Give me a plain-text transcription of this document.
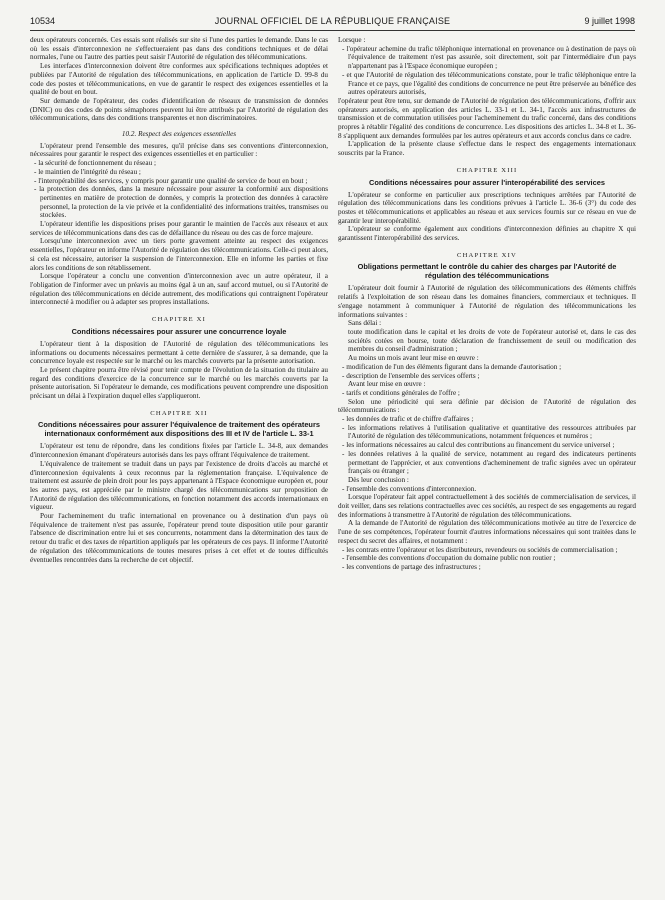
10534	JOURNAL OFFICIEL DE LA RÉPUBLIQUE FRANÇAISE	9 juillet 1998

deux opérateurs concernés. Ces essais sont réalisés sur site si l'une des parties le demande. Dans le cas où les essais d'interconnexion ne s'effectueraient pas dans des conditions techniques et de délai normales, l'une ou l'autre des parties peut saisir l'Autorité de régulation des télécommunications.

Les interfaces d'interconnexion doivent être conformes aux spécifications techniques adoptées et publiées par l'Autorité de régulation des télécommunications, en application de l'article D. 99-8 du code des postes et télécommunications, en vue de garantir le respect des exigences essentielles et la qualité de bout en bout.

Sur demande de l'opérateur, des codes d'identification de réseaux de transmission de données (DNIC) ou des codes de points sémaphores peuvent lui être attribués par l'Autorité de régulation des télécommunications, dans des conditions transparentes et non discriminatoires.

10.2. Respect des exigences essentielles

L'opérateur prend l'ensemble des mesures, qu'il précise dans ses conventions d'interconnexion, nécessaires pour garantir le respect des exigences essentielles et en particulier :

- la sécurité de fonctionnement du réseau ;
- le maintien de l'intégrité du réseau ;
- l'interopérabilité des services, y compris pour garantir une qualité de service de bout en bout ;
- la protection des données, dans la mesure nécessaire pour assurer la conformité aux dispositions pertinentes en matière de protection de données, y compris la protection des données à caractère personnel, la protection de la vie privée et la confidentialité des informations traitées, transmises ou stockées.

L'opérateur identifie les dispositions prises pour garantir le maintien de l'accès aux réseaux et aux services de télécommunications dans des cas de défaillance du réseau ou des cas de force majeure.

Lorsqu'une interconnexion avec un tiers porte gravement atteinte au respect des exigences essentielles, l'opérateur en informe l'Autorité de régulation des télécommunications. Celle-ci peut alors, si cela est nécessaire, autoriser la suspension de l'interconnexion. Elle en informe les parties et fixe alors les conditions de son rétablissement.

Lorsque l'opérateur a conclu une convention d'interconnexion avec un autre opérateur, il a l'obligation de l'informer avec un préavis au moins égal à un an, sauf accord mutuel, ou si l'Autorité de régulation des télécommunications en décide autrement, des modifications qui contraignent l'opérateur interconnecté à modifier ou à adapter ses propres installations.

CHAPITRE XI
Conditions nécessaires pour assurer une concurrence loyale

L'opérateur tient à la disposition de l'Autorité de régulation des télécommunications les informations ou documents nécessaires permettant à cette dernière de s'assurer, à sa demande, que la concurrence loyale est respectée sur le marché ou les marchés couverts par la présente autorisation.

Le présent chapitre pourra être révisé pour tenir compte de l'évolution de la situation du titulaire au regard des conditions d'exercice de la concurrence sur le marché ou les marchés couverts par la présente autorisation. Si l'opérateur le demande, ces modifications peuvent comprendre une disposition précisant un délai à l'expiration duquel elles s'appliqueront.

CHAPITRE XII
Conditions nécessaires pour assurer l'équivalence de traitement des opérateurs internationaux conformément aux dispositions des III et IV de l'article L. 33-1

L'opérateur est tenu de répondre, dans les conditions fixées par l'article L. 34-8, aux demandes d'interconnexion émanant d'opérateurs autorisés dans les pays offrant l'équivalence de traitement.

L'équivalence de traitement se traduit dans un pays par l'existence de droits d'accès au marché et d'interconnexion équivalents à ceux reconnus par la réglementation française. L'équivalence de traitement est assurée de plein droit pour les pays appartenant à l'Espace économique européen et, pour les autres pays, est appréciée par le ministre chargé des télécommunications sur proposition de l'Autorité de régulation des télécommunications, en fonction notamment des accords internationaux en vigueur.

Pour l'acheminement du trafic international en provenance ou à destination d'un pays où l'équivalence de traitement n'est pas assurée, l'opérateur prend toute disposition utile pour garantir l'absence de discrimination entre lui et ses concurrents, notamment dans la détermination des taux de retour du trafic et des taxes de répartition appliqués par les opérateurs de ces pays. Il informe l'Autorité de régulation des télécommunications de toutes mesures prises à cet effet et de toutes difficultés éventuelles rencontrées dans la recherche de cet objectif.

Lorsque :

- l'opérateur achemine du trafic téléphonique international en provenance ou à destination de pays où l'équivalence de traitement n'est pas assurée, soit directement, soit par l'intermédiaire d'un pays n'appartenant pas à l'Espace économique européen ;
- et que l'Autorité de régulation des télécommunications constate, pour le trafic téléphonique entre la France et ce pays, que l'égalité des conditions de concurrence ne peut être préservée au bénéfice des autres opérateurs autorisés,

l'opérateur peut être tenu, sur demande de l'Autorité de régulation des télécommunications, d'offrir aux opérateurs autorisés, en application des articles L. 33-1 et L. 34-1, l'accès aux infrastructures de transmission et de commutation utilisées pour l'acheminement du trafic concerné, dans des conditions propres à rétablir l'égalité des conditions de concurrence. Les dispositions des articles L. 34-8 et L. 36-8 s'appliquent aux demandes formulées par les autres opérateurs et aux accords conclus dans ce cadre.

L'application de la présente clause s'effectue dans le respect des engagements internationaux souscrits par la France.

CHAPITRE XIII
Conditions nécessaires pour assurer l'interopérabilité des services

L'opérateur se conforme en particulier aux prescriptions techniques arrêtées par l'Autorité de régulation des télécommunications dans les conditions prévues à l'article L. 36-6 (3°) du code des postes et télécommunications et applicables au réseau et aux services fournis sur ce réseau en vue de garantir leur interopérabilité.

L'opérateur se conforme également aux conditions d'interconnexion définies au chapitre X qui garantissent l'interopérabilité des services.

CHAPITRE XIV
Obligations permettant le contrôle du cahier des charges par l'Autorité de régulation des télécommunications

L'opérateur doit fournir à l'Autorité de régulation des télécommunications des éléments chiffrés relatifs à l'exploitation de son réseau dans les domaines financiers, commerciaux et techniques. Il s'engage notamment à communiquer à l'Autorité de régulation des télécommunications les informations suivantes :

Sans délai :

toute modification dans le capital et les droits de vote de l'opérateur autorisé et, dans le cas des sociétés cotées en bourse, toute déclaration de franchissement de seuil ou modification des membres du conseil d'administration ;

Au moins un mois avant leur mise en œuvre :

- modification de l'un des éléments figurant dans la demande d'autorisation ;
- description de l'ensemble des services offerts ;

Avant leur mise en œuvre :

- tarifs et conditions générales de l'offre ;

Selon une périodicité qui sera définie par décision de l'Autorité de régulation des télécommunications :

- les données de trafic et de chiffre d'affaires ;
- les informations relatives à l'utilisation qualitative et quantitative des ressources attribuées par l'Autorité de régulation des télécommunications, notamment fréquences et numéros ;
- les informations nécessaires au calcul des contributions au financement du service universel ;
- les données relatives à la qualité de service, notamment au regard des indicateurs pertinents permettant de l'apprécier, et aux conventions d'acheminement de trafic signées avec un opérateur français ou étranger ;

Dès leur conclusion :

- l'ensemble des conventions d'interconnexion.

Lorsque l'opérateur fait appel contractuellement à des sociétés de commercialisation de services, il doit veiller, dans ses relations contractuelles avec ces sociétés, au respect de ses engagements au regard des informations à transmettre à l'Autorité de régulation des télécommunications.

A la demande de l'Autorité de régulation des télécommunications motivée au titre de l'exercice de l'une de ses compétences, l'opérateur fournit d'autres informations nécessaires qui sont traitées dans le respect du secret des affaires, et notamment :

- les contrats entre l'opérateur et les distributeurs, revendeurs ou sociétés de commercialisation ;
- l'ensemble des conventions d'occupation du domaine public non routier ;
- les conventions de partage des infrastructures ;
